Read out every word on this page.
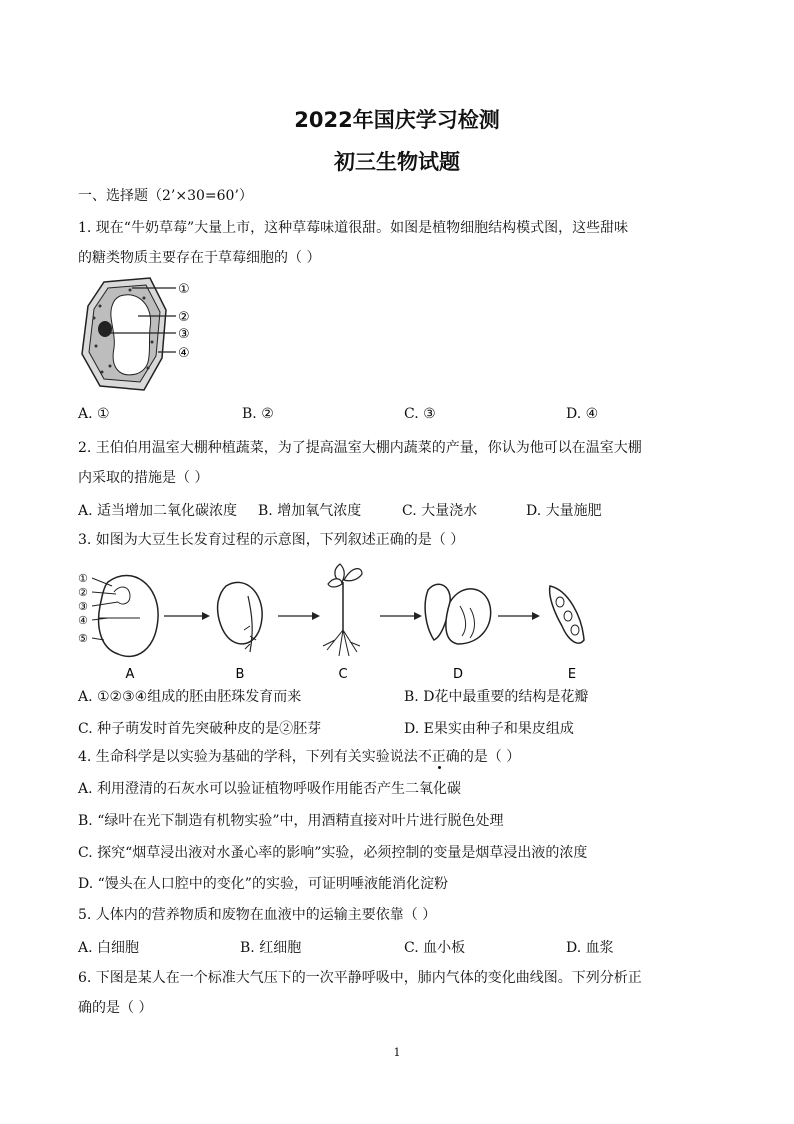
2022年国庆学习检测
初三生物试题
一、选择题（2’×30=60’）
1. 现在“牛奶草莓”大量上市，这种草莓味道很甜。如图是植物细胞结构模式图，这些甜味
的糖类物质主要存在于草莓细胞的（ ）
①
②
③
④
A. ①	B. ②	C. ③	D. ④
2. 王伯伯用温室大棚种植蔬菜，为了提高温室大棚内蔬菜的产量，你认为他可以在温室大棚
内采取的措施是（ ）
A. 适当增加二氧化碳浓度 B. 增加氧气浓度	C. 大量浇水	D. 大量施肥
3. 如图为大豆生长发育过程的示意图，下列叙述正确的是（ ）
①
②
③
④
⑤
A	B	C	D	E
A. ①②③④组成的胚由胚珠发育而来	B. D花中最重要的结构是花瓣
C. 种子萌发时首先突破种皮的是②胚芽	D. E果实由种子和果皮组成
4. 生命科学是以实验为基础的学科，下列有关实验说法不正确的是（ ）
A. 利用澄清的石灰水可以验证植物呼吸作用能否产生二氧化碳
B. “绿叶在光下制造有机物实验”中，用酒精直接对叶片进行脱色处理
C. 探究“烟草浸出液对水蚤心率的影响”实验，必须控制的变量是烟草浸出液的浓度
D. “馒头在人口腔中的变化”的实验，可证明唾液能消化淀粉
5. 人体内的营养物质和废物在血液中的运输主要依靠（ ）
A. 白细胞	B. 红细胞	C. 血小板	D. 血浆
6. 下图是某人在一个标准大气压下的一次平静呼吸中，肺内气体的变化曲线图。下列分析正
确的是（ ）
1
